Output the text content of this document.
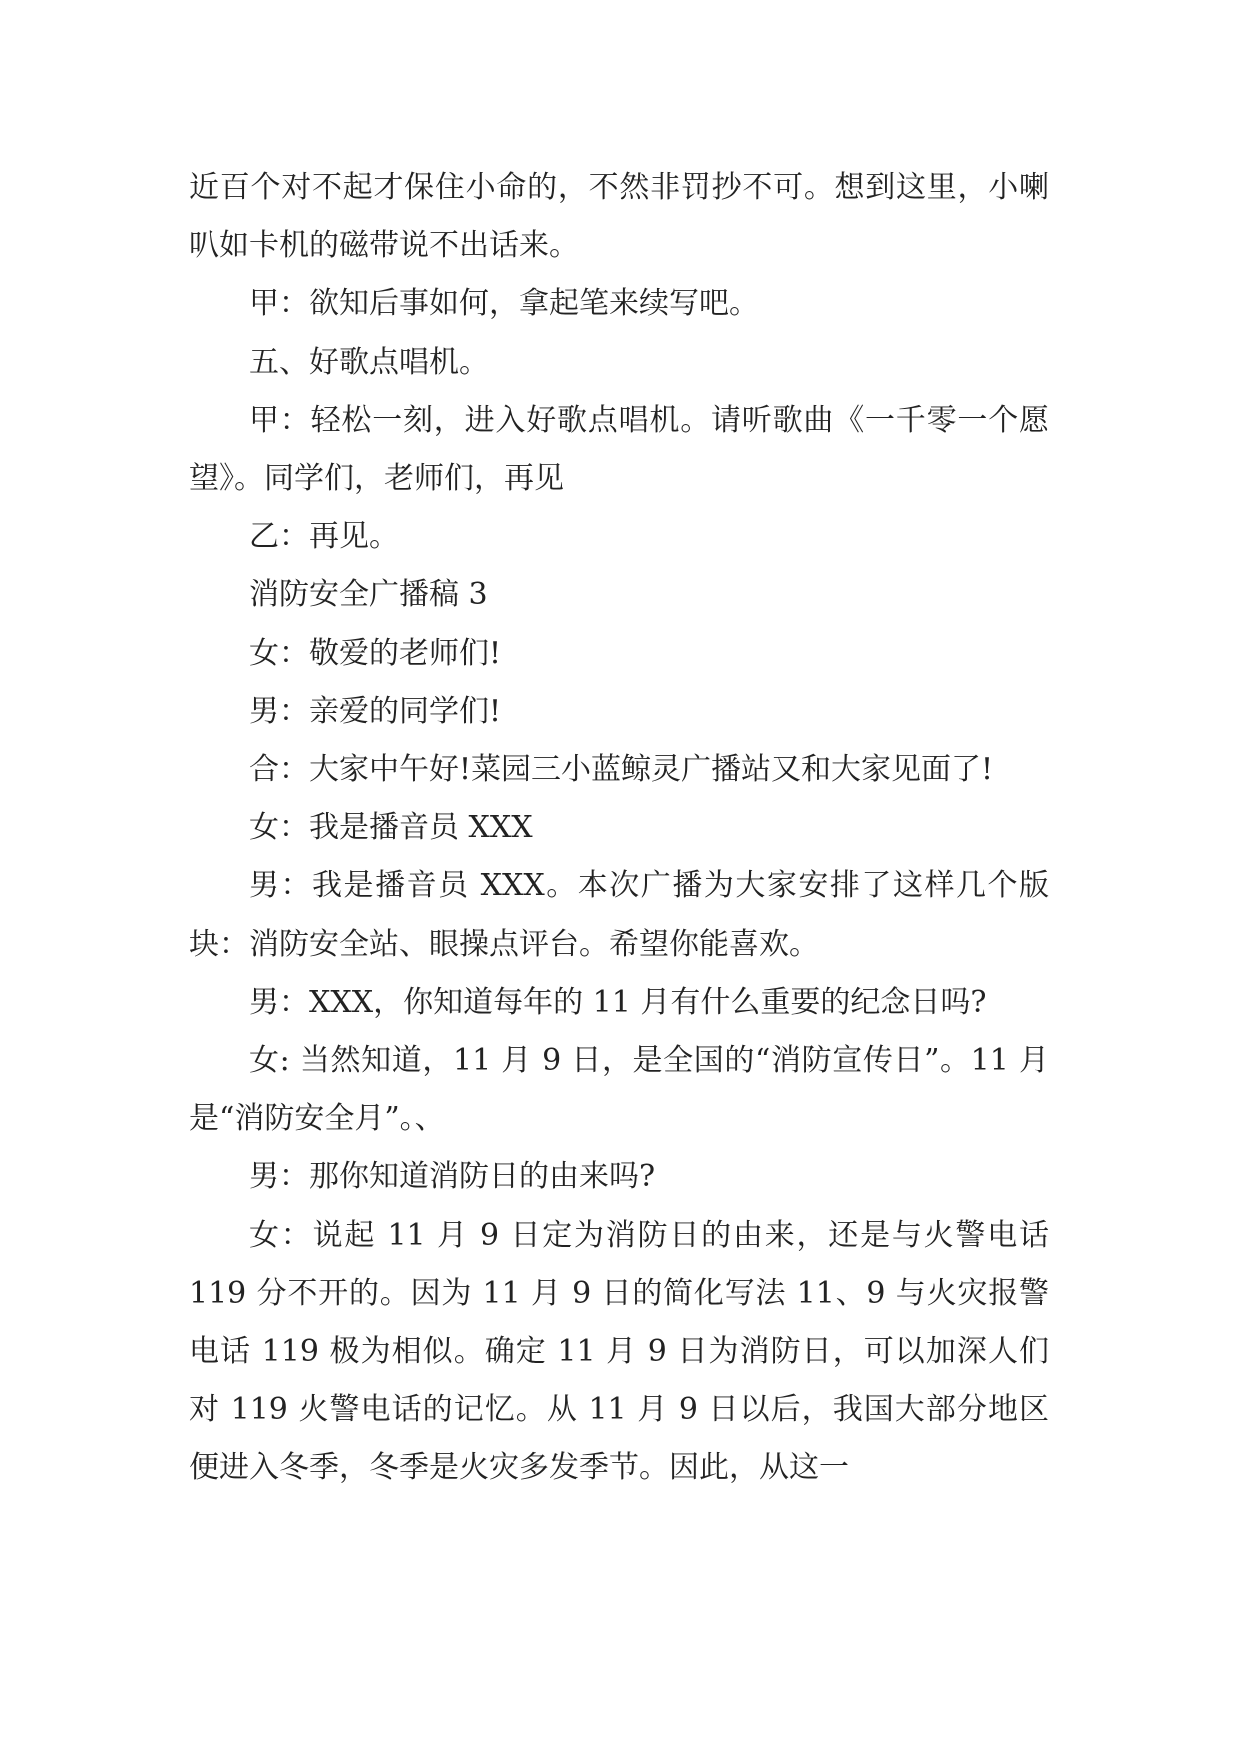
近百个对不起才保住小命的，不然非罚抄不可。想到这里，小喇叭如卡机的磁带说不出话来。

甲：欲知后事如何，拿起笔来续写吧。

五、好歌点唱机。

甲：轻松一刻，进入好歌点唱机。请听歌曲《一千零一个愿望》。同学们，老师们，再见

乙：再见。

消防安全广播稿 3

女：敬爱的老师们!

男：亲爱的同学们!

合：大家中午好!菜园三小蓝鲸灵广播站又和大家见面了!

女：我是播音员 XXX

男：我是播音员 XXX。本次广播为大家安排了这样几个版块：消防安全站、眼操点评台。希望你能喜欢。

男：XXX，你知道每年的 11 月有什么重要的纪念日吗?

女: 当然知道，11 月 9 日，是全国的“消防宣传日”。11 月是“消防安全月”。、

男：那你知道消防日的由来吗?

女：说起 11 月 9 日定为消防日的由来，还是与火警电话 119 分不开的。因为 11 月 9 日的简化写法 11、9 与火灾报警电话 119 极为相似。确定 11 月 9 日为消防日，可以加深人们对 119 火警电话的记忆。从 11 月 9 日以后，我国大部分地区便进入冬季，冬季是火灾多发季节。因此，从这一
